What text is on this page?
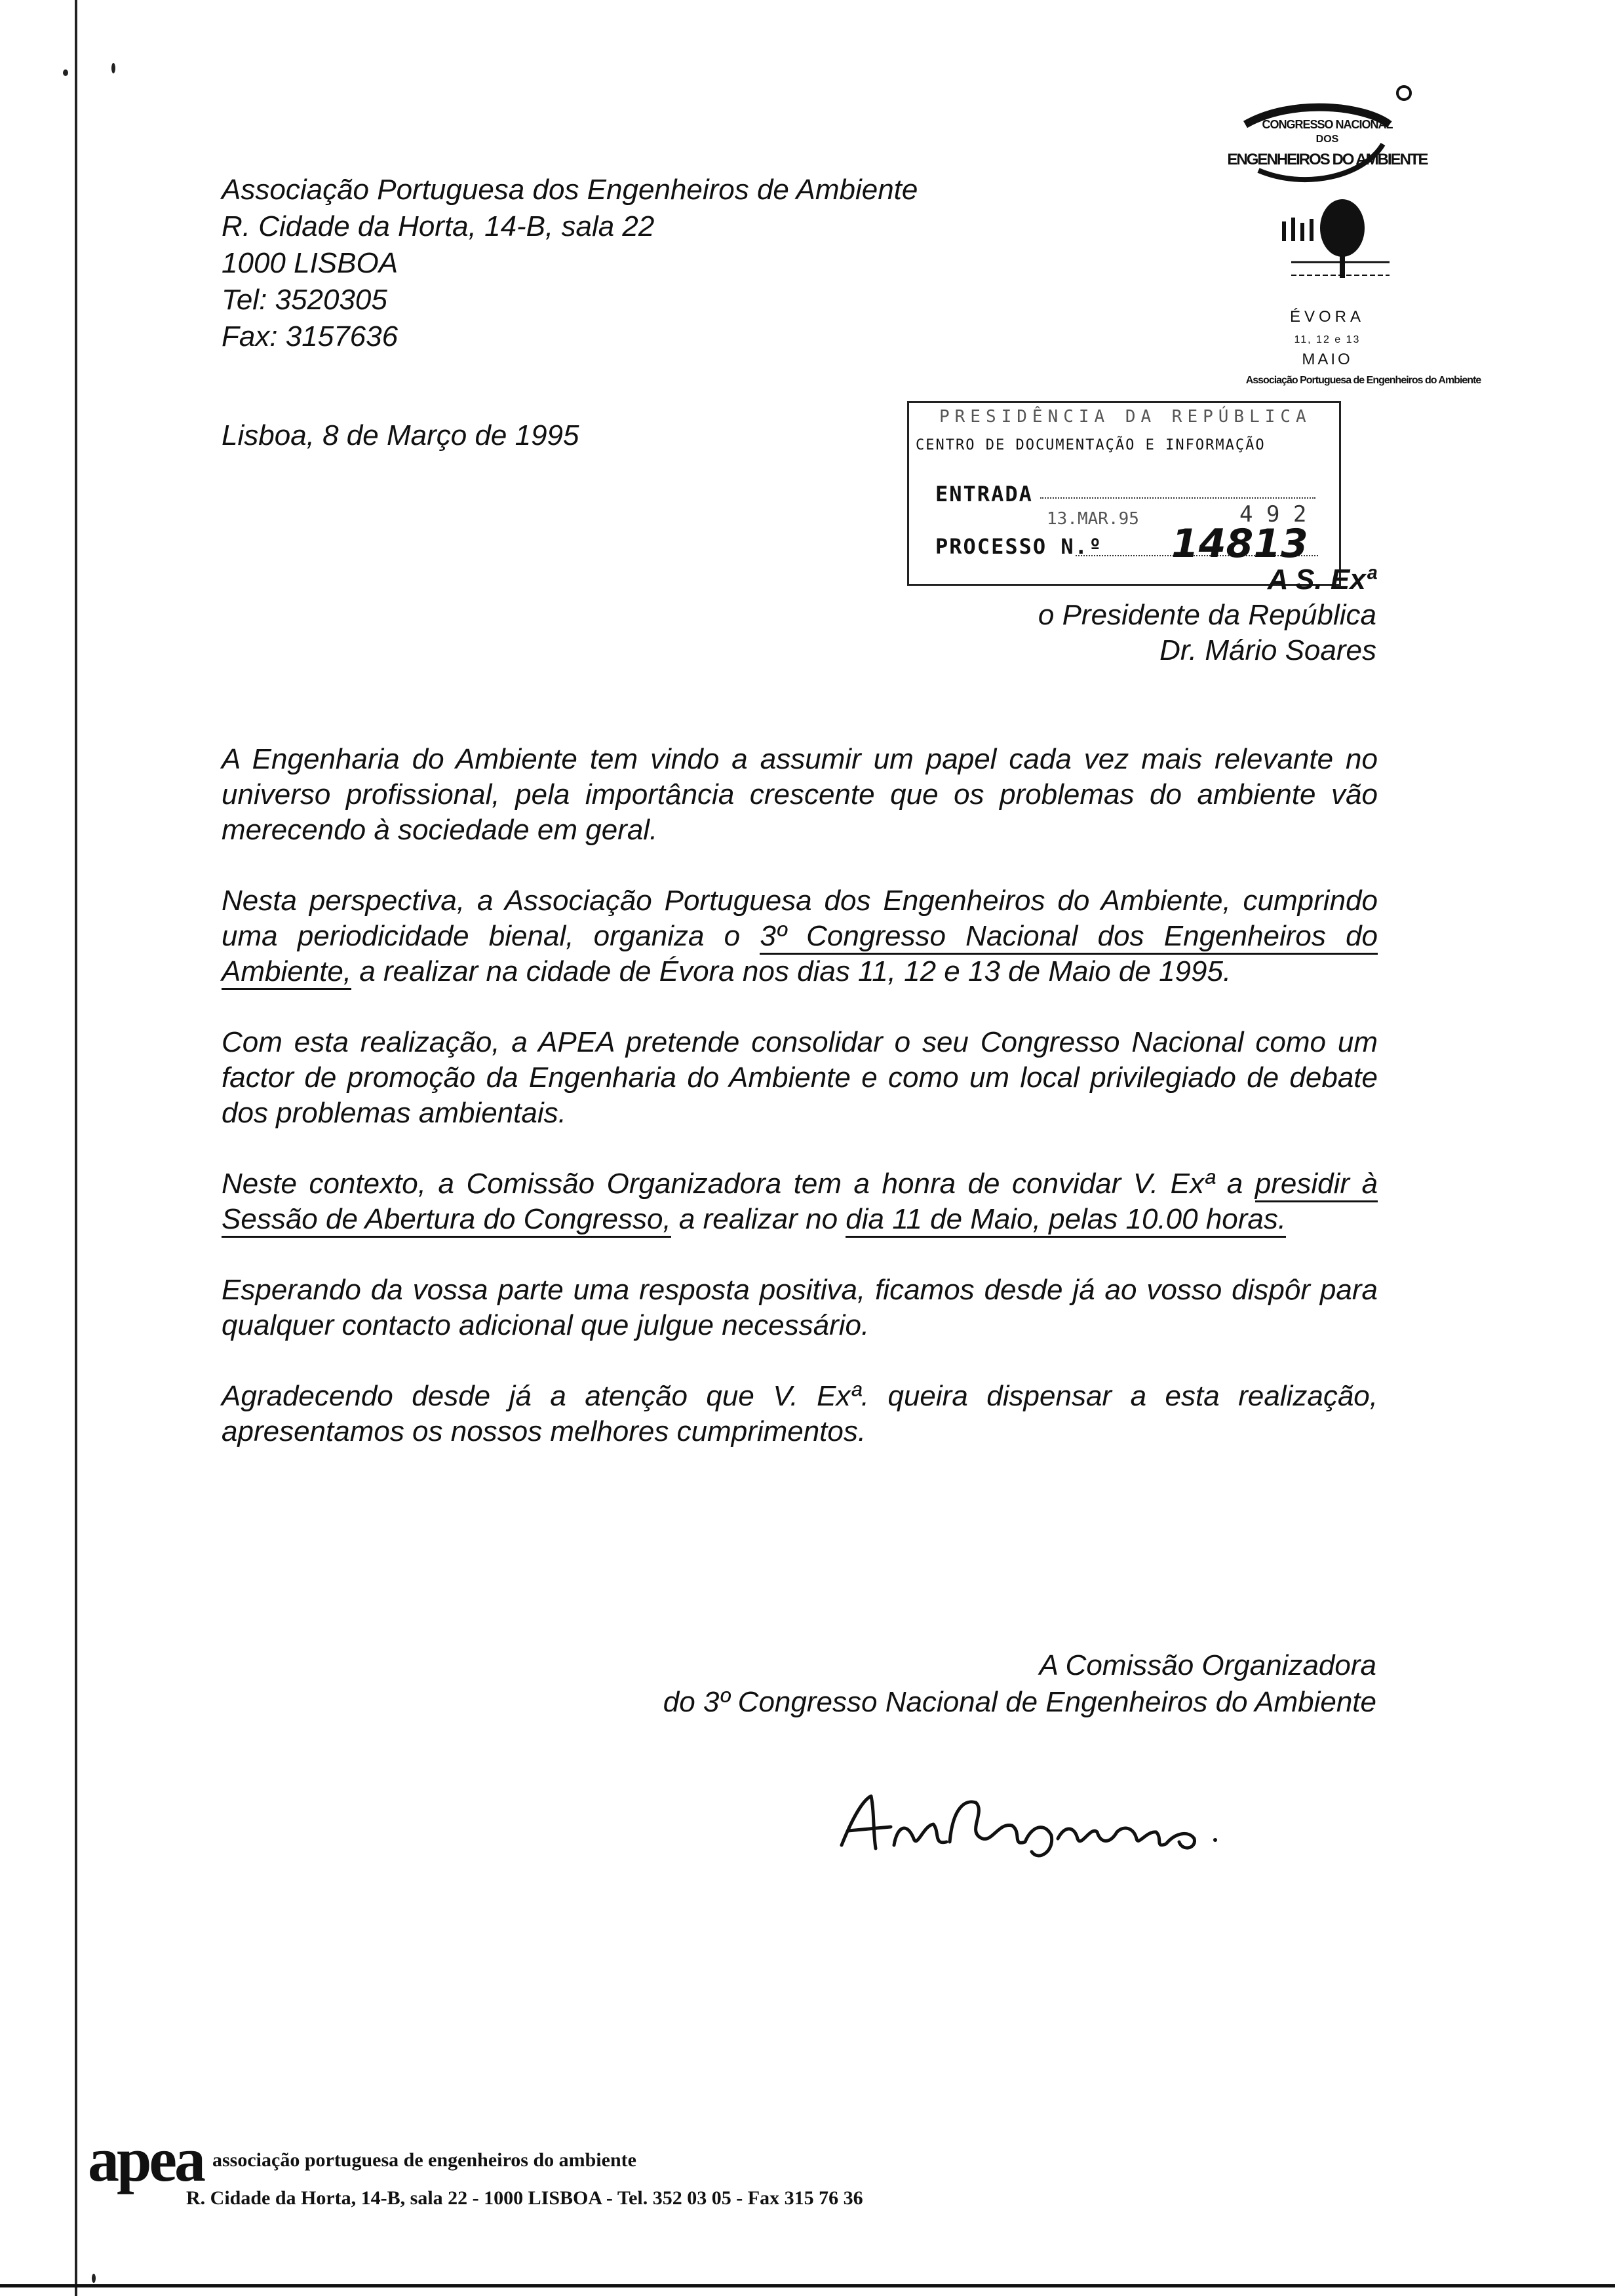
Associação Portuguesa dos Engenheiros de Ambiente
R. Cidade da Horta, 14-B, sala 22
1000 LISBOA
Tel: 3520305
Fax: 3157636
Lisboa, 8 de Março de 1995
CONGRESSO NACIONAL
DOS
ENGENHEIROS DO AMBIENTE
ÉVORA
11, 12 e 13
MAIO
Associação Portuguesa de Engenheiros do Ambiente
PRESIDÊNCIA DA REPÚBLICA
CENTRO DE DOCUMENTAÇÃO E INFORMAÇÃO
ENTRADA
13.MAR.95	4 9 2
PROCESSO N.º 14813
A S. Exª
o Presidente da República
Dr. Mário Soares

A Engenharia do Ambiente tem vindo a assumir um papel cada vez mais relevante no universo profissional, pela importância crescente que os problemas do ambiente vão merecendo à sociedade em geral.

Nesta perspectiva, a Associação Portuguesa dos Engenheiros do Ambiente, cumprindo uma periodicidade bienal, organiza o 3º Congresso Nacional dos Engenheiros do Ambiente, a realizar na cidade de Évora nos dias 11, 12 e 13 de Maio de 1995.

Com esta realização, a APEA pretende consolidar o seu Congresso Nacional como um factor de promoção da Engenharia do Ambiente e como um local privilegiado de debate dos problemas ambientais.

Neste contexto, a Comissão Organizadora tem a honra de convidar V. Exª a presidir à Sessão de Abertura do Congresso, a realizar no dia 11 de Maio, pelas 10.00 horas.

Esperando da vossa parte uma resposta positiva, ficamos desde já ao vosso dispôr para qualquer contacto adicional que julgue necessário.

Agradecendo desde já a atenção que V. Exª. queira dispensar a esta realização, apresentamos os nossos melhores cumprimentos.

A Comissão Organizadora
do 3º Congresso Nacional de Engenheiros do Ambiente
apea associação portuguesa de engenheiros do ambiente
R. Cidade da Horta, 14-B, sala 22 - 1000 LISBOA - Tel. 352 03 05 - Fax 315 76 36
